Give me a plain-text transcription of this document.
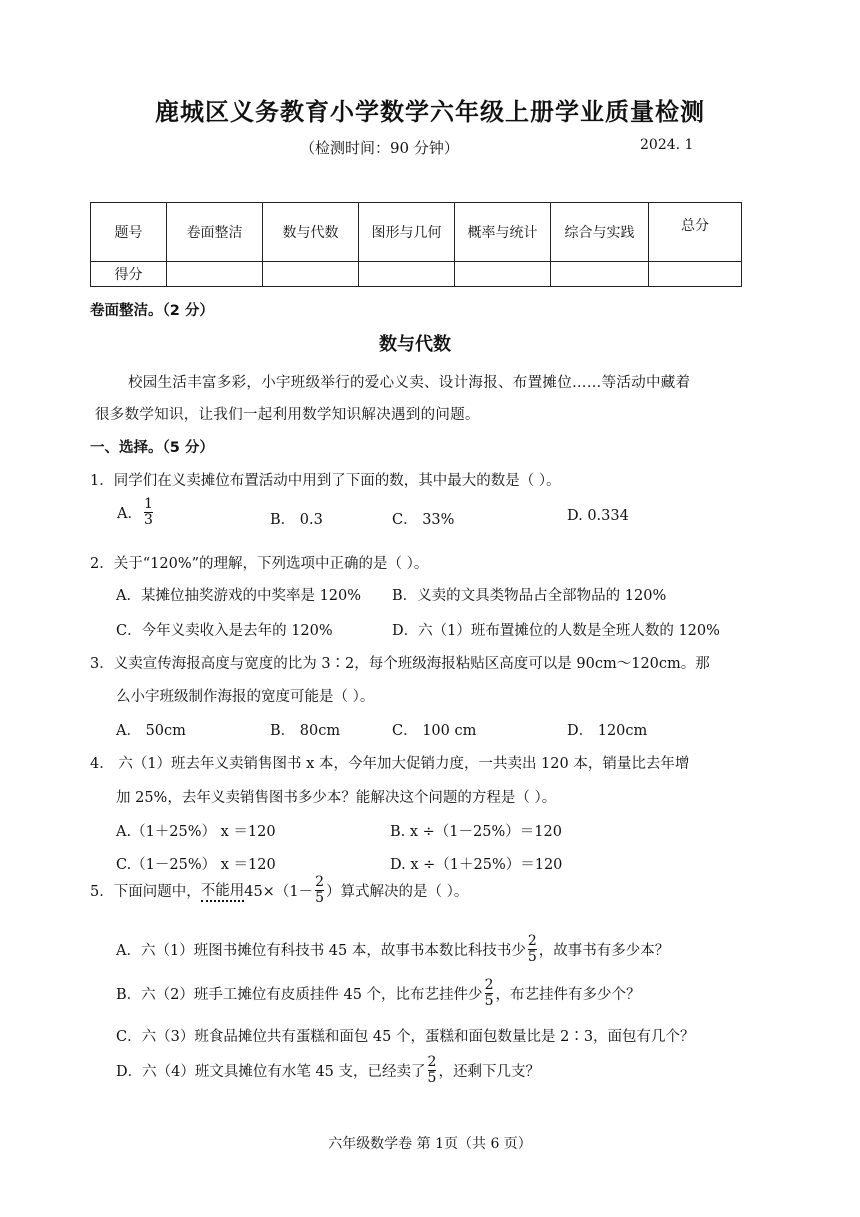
鹿城区义务教育小学数学六年级上册学业质量检测
（检测时间：90 分钟）	2024. 1
题号	卷面整洁	数与代数	图形与几何	概率与统计	综合与实践	总分
得分						
卷面整洁。（2 分）
数与代数
校园生活丰富多彩，小宇班级举行的爱心义卖、设计海报、布置摊位……等活动中藏着
很多数学知识，让我们一起利用数学知识解决遇到的问题。
一、选择。（5 分）
1．同学们在义卖摊位布置活动中用到了下面的数，其中最大的数是（ ）。
A． $\frac{1}{3}$	B． 0.3	C． 33%	D. 0.334
2．关于“120%”的理解，下列选项中正确的是（ ）。
A．某摊位抽奖游戏的中奖率是 120% B．义卖的文具类物品占全部物品的 120%
C．今年义卖收入是去年的 120%	D．六（1）班布置摊位的人数是全班人数的 120%
3．义卖宣传海报高度与宽度的比为 3∶2，每个班级海报粘贴区高度可以是 90cm～120cm。那
么小宇班级制作海报的宽度可能是（ ）。
A． 50cm	B． 80cm	C． 100 cm	D． 120cm
4． 六（1）班去年义卖销售图书 x 本，今年加大促销力度，一共卖出 120 本，销量比去年增
加 25%，去年义卖销售图书多少本？能解决这个问题的方程是（ ）。
A.（1＋25%） x ＝120	B. x ÷（1－25%）＝120
C.（1－25%） x ＝120	D. x ÷（1＋25%）＝120
5．下面问题中， 不能用 $45\times(1- \frac{2}{5}$ ）算式解决的是（ ）。
A．六（1）班图书摊位有科技书 45 本，故事书本数比科技书少 $\frac{2}{5}$ ，故事书有多少本？
B．六（2）班手工摊位有皮质挂件 45 个，比布艺挂件少 $\frac{2}{5}$ ，布艺挂件有多少个？
C．六（3）班食品摊位共有蛋糕和面包 45 个，蛋糕和面包数量比是 2∶3，面包有几个？
D．六（4）班文具摊位有水笔 45 支，已经卖了 $\frac{2}{5}$ ，还剩下几支？
六年级数学卷 第 1页（共 6 页）
